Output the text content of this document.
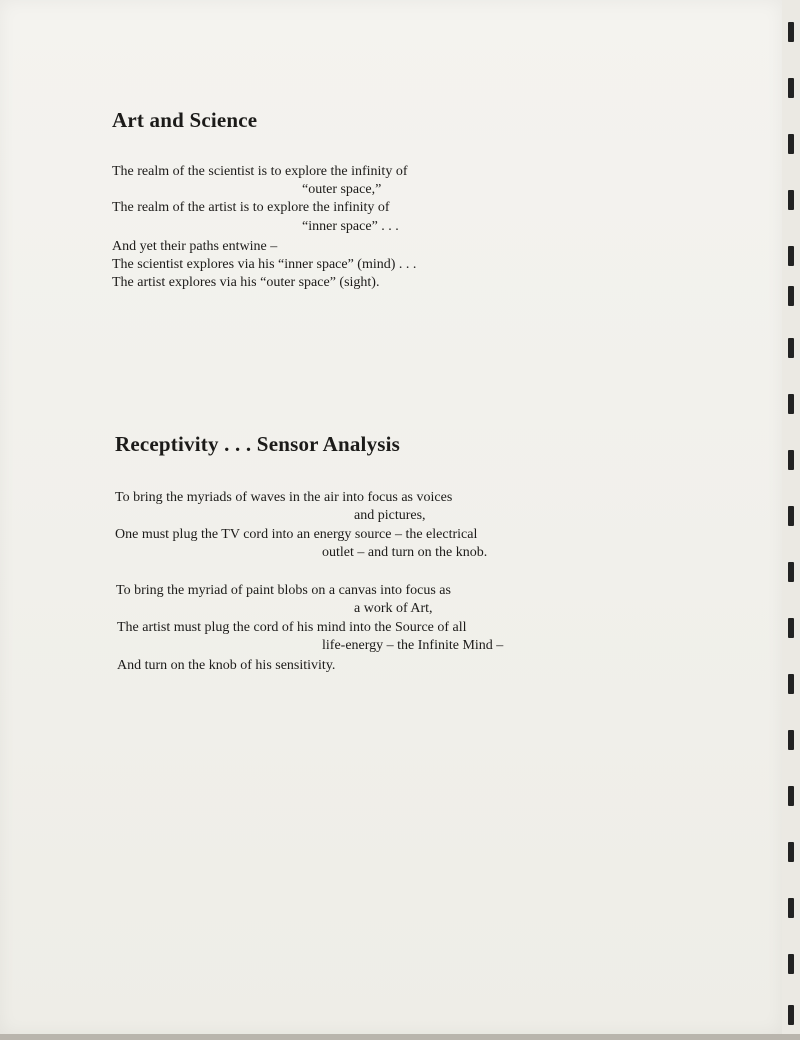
Art and Science

The realm of the scientist is to explore the infinity of

“outer space,”

The realm of the artist is to explore the infinity of

“inner space” . . .

And yet their paths entwine –

The scientist explores via his “inner space” (mind) . . .

The artist explores via his “outer space” (sight).

Receptivity . . . Sensor Analysis

To bring the myriads of waves in the air into focus as voices

and pictures,

One must plug the TV cord into an energy source – the electrical

outlet – and turn on the knob.

To bring the myriad of paint blobs on a canvas into focus as

a work of Art,

The artist must plug the cord of his mind into the Source of all

life-energy – the Infinite Mind –

And turn on the knob of his sensitivity.
